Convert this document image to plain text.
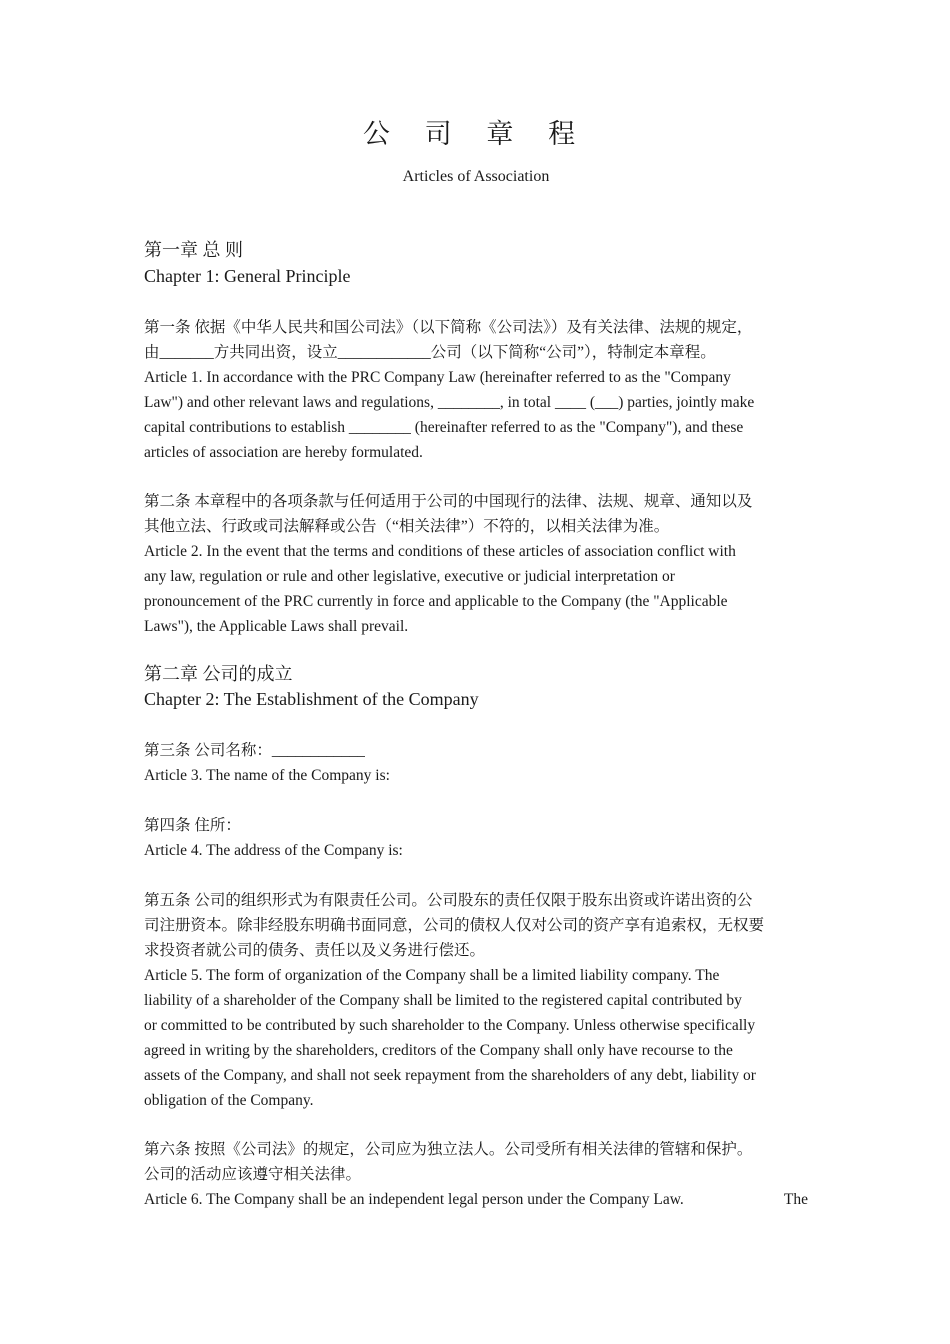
公 司 章 程
Articles of Association
第一章 总 则
Chapter 1: General Principle
第一条 依据《中华人民共和国公司法》（以下简称《公司法》）及有关法律、法规的规定，
由_______方共同出资，设立____________公司（以下简称“公司”），特制定本章程。
Article 1. In accordance with the PRC Company Law (hereinafter referred to as the "Company
Law") and other relevant laws and regulations, ________, in total ____ (___) parties, jointly make
capital contributions to establish ________ (hereinafter referred to as the "Company"), and these
articles of association are hereby formulated.
第二条 本章程中的各项条款与任何适用于公司的中国现行的法律、法规、规章、通知以及
其他立法、行政或司法解释或公告（“相关法律”）不符的，以相关法律为准。
Article 2. In the event that the terms and conditions of these articles of association conflict with
any law, regulation or rule and other legislative, executive or judicial interpretation or
pronouncement of the PRC currently in force and applicable to the Company (the "Applicable
Laws"), the Applicable Laws shall prevail.
第二章 公司的成立
Chapter 2: The Establishment of the Company
第三条 公司名称：____________
Article 3. The name of the Company is:
第四条 住所：
Article 4. The address of the Company is:
第五条 公司的组织形式为有限责任公司。公司股东的责任仅限于股东出资或许诺出资的公
司注册资本。除非经股东明确书面同意，公司的债权人仅对公司的资产享有追索权，无权要
求投资者就公司的债务、责任以及义务进行偿还。
Article 5. The form of organization of the Company shall be a limited liability company. The
liability of a shareholder of the Company shall be limited to the registered capital contributed by
or committed to be contributed by such shareholder to the Company. Unless otherwise specifically
agreed in writing by the shareholders, creditors of the Company shall only have recourse to the
assets of the Company, and shall not seek repayment from the shareholders of any debt, liability or
obligation of the Company.
第六条 按照《公司法》的规定，公司应为独立法人。公司受所有相关法律的管辖和保护。
公司的活动应该遵守相关法律。
Article 6. The Company shall be an independent legal person under the Company Law.	The
